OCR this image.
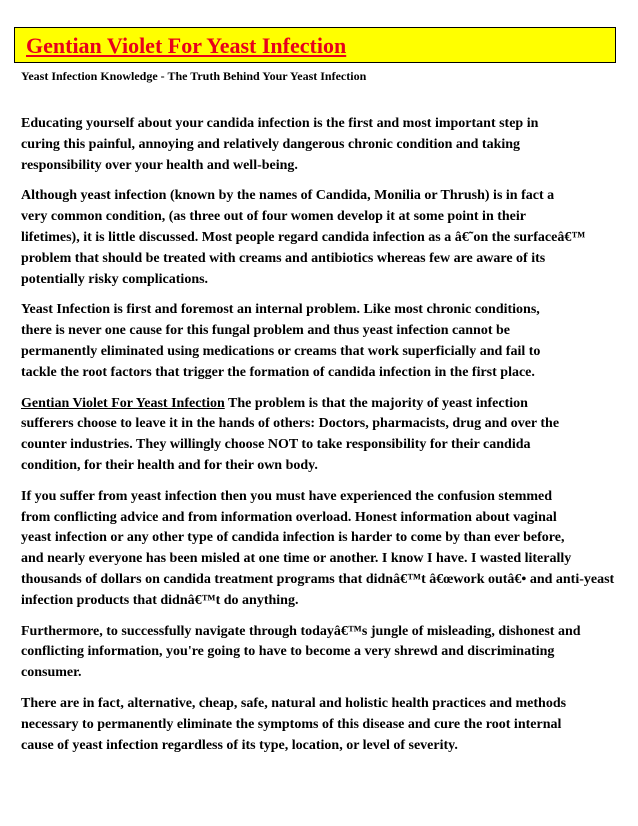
Gentian Violet For Yeast Infection
Yeast Infection Knowledge - The Truth Behind Your Yeast Infection

Educating yourself about your candida infection is the first and most important step in
curing this painful, annoying and relatively dangerous chronic condition and taking
responsibility over your health and well-being.

Although yeast infection (known by the names of Candida, Monilia or Thrush) is in fact a
very common condition, (as three out of four women develop it at some point in their
lifetimes), it is little discussed. Most people regard candida infection as a â€˜on the surfaceâ€™
problem that should be treated with creams and antibiotics whereas few are aware of its
potentially risky complications.

Yeast Infection is first and foremost an internal problem. Like most chronic conditions,
there is never one cause for this fungal problem and thus yeast infection cannot be
permanently eliminated using medications or creams that work superficially and fail to
tackle the root factors that trigger the formation of candida infection in the first place.

Gentian Violet For Yeast Infection The problem is that the majority of yeast infection
sufferers choose to leave it in the hands of others: Doctors, pharmacists, drug and over the
counter industries. They willingly choose NOT to take responsibility for their candida
condition, for their health and for their own body.

If you suffer from yeast infection then you must have experienced the confusion stemmed
from conflicting advice and from information overload. Honest information about vaginal
yeast infection or any other type of candida infection is harder to come by than ever before,
and nearly everyone has been misled at one time or another. I know I have. I wasted literally
thousands of dollars on candida treatment programs that didnâ€™t â€œwork outâ€• and anti-yeast
infection products that didnâ€™t do anything.

Furthermore, to successfully navigate through todayâ€™s jungle of misleading, dishonest and
conflicting information, you're going to have to become a very shrewd and discriminating
consumer.

There are in fact, alternative, cheap, safe, natural and holistic health practices and methods
necessary to permanently eliminate the symptoms of this disease and cure the root internal
cause of yeast infection regardless of its type, location, or level of severity.
